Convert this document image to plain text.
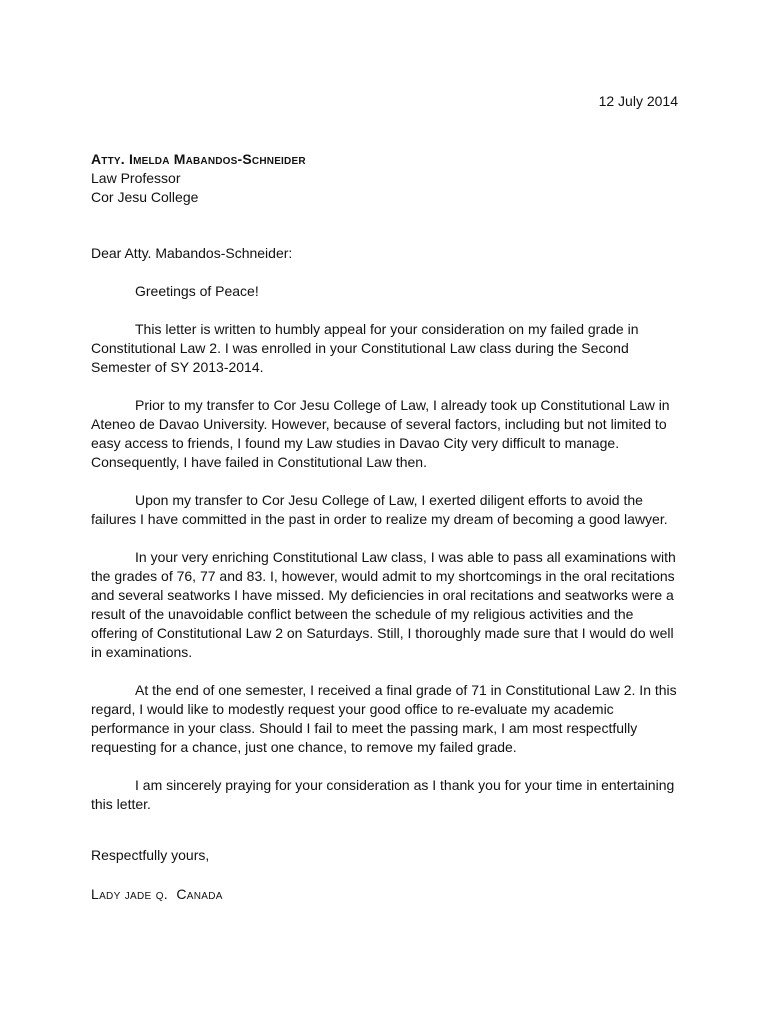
12 July 2014
Atty. Imelda Mabandos-Schneider
Law Professor
Cor Jesu College

Dear Atty. Mabandos-Schneider:

Greetings of Peace!

This letter is written to humbly appeal for your consideration on my failed grade in Constitutional Law 2. I was enrolled in your Constitutional Law class during the Second Semester of SY 2013-2014.

Prior to my transfer to Cor Jesu College of Law, I already took up Constitutional Law in Ateneo de Davao University. However, because of several factors, including but not limited to easy access to friends, I found my Law studies in Davao City very difficult to manage. Consequently, I have failed in Constitutional Law then.

Upon my transfer to Cor Jesu College of Law, I exerted diligent efforts to avoid the failures I have committed in the past in order to realize my dream of becoming a good lawyer.

In your very enriching Constitutional Law class, I was able to pass all examinations with the grades of 76, 77 and 83. I, however, would admit to my shortcomings in the oral recitations and several seatworks I have missed. My deficiencies in oral recitations and seatworks were a result of the unavoidable conflict between the schedule of my religious activities and the offering of Constitutional Law 2 on Saturdays. Still, I thoroughly made sure that I would do well in examinations.

At the end of one semester, I received a final grade of 71 in Constitutional Law 2. In this regard, I would like to modestly request your good office to re-evaluate my academic performance in your class. Should I fail to meet the passing mark, I am most respectfully requesting for a chance, just one chance, to remove my failed grade.

I am sincerely praying for your consideration as I thank you for your time in entertaining this letter.

Respectfully yours,
Lady jade q.  Canada
